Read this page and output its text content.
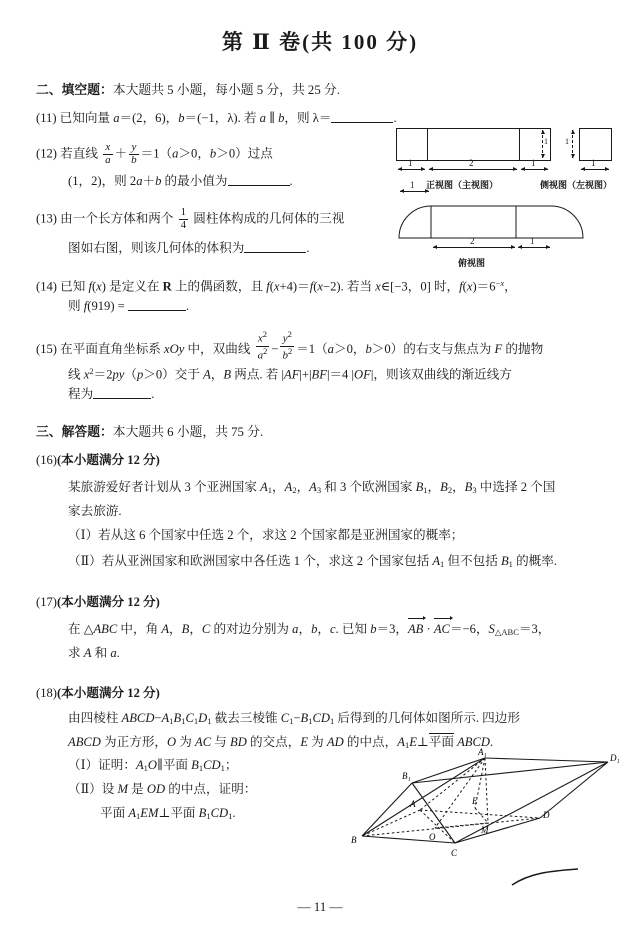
第 Ⅱ 卷(共 100 分)
二、填空题：本大题共 5 小题，每小题 5 分，共 25 分.
(11) 已知向量 a＝(2，6)，b＝(−1，λ). 若 a ∥ b，则 λ＝	.
(12) 若直线 $\frac{x}{a} + \frac{y}{b} =1(a>0$，b＞0）过点
(1，2)，则 2a＋b 的最小值为	.
(13) 由一个长方体和两个 $\frac{1}{4}$ 圆柱体构成的几何体的三视
图如右图，则该几何体的体积为	.
(14) 已知 f(x) 是定义在 R 上的偶函数，且 f(x+4)＝f(x−2). 若当 x∈[−3，0] 时，$f(x)=6^{-x}$，
则 f(919) =	.
(15) 在平面直角坐标系 xOy 中，双曲线 $\frac{x^2}{a^2} - \frac{y^2}{b^2} =1(a>0$，b＞0）的右支与焦点为 F 的抛物
线 $x^2=2py(p>0)$交于 A，B 两点. 若 |AF|+|BF|＝4 |OF|，则该双曲线的渐近线方
程为	.
三、解答题：本大题共 6 小题，共 75 分.
(16)(本小题满分 12 分)
某旅游爱好者计划从 3 个亚洲国家 $A_1$，$A_2$，$A_3$ 和 3 个欧洲国家 $B_1$，$B_2$，$B_3$ 中选择 2 个国
家去旅游.
（Ⅰ）若从这 6 个国家中任选 2 个，求这 2 个国家都是亚洲国家的概率；
（Ⅱ）若从亚洲国家和欧洲国家中各任选 1 个，求这 2 个国家包括 $A_1$ 但不包括 $B_1$ 的概率.
(17)(本小题满分 12 分)
在 △ABC 中，角 A，B，C 的对边分别为 a，b，c. 已知 b＝3，AB · AC＝−6，$S_{\triangle ABC}=3$，
求 A 和 a.
(18)(本小题满分 12 分)
由四棱柱 $ABCD-A_1B_1C_1D_1$ 截去三棱锥 $C_1-B_1CD_1$ 后得到的几何体如图所示. 四边形
ABCD 为正方形，O 为 AC 与 BD 的交点，E 为 AD 的中点，$A_1E\perp$平面 ABCD.
（Ⅰ）证明：$A_1O\parallel$平面 $B_1CD_1$；
（Ⅱ）设 M 是 OD 的中点，证明：
平面 $A_1EM\perp$平面 $B_1CD_1$.
1	2	1
1 1
1
正视图（主视图）	侧视图（左视图）
1
2	1
俯视图
A₁
B₁
D₁
A
B
C
D
O
E
M
— 11 —
